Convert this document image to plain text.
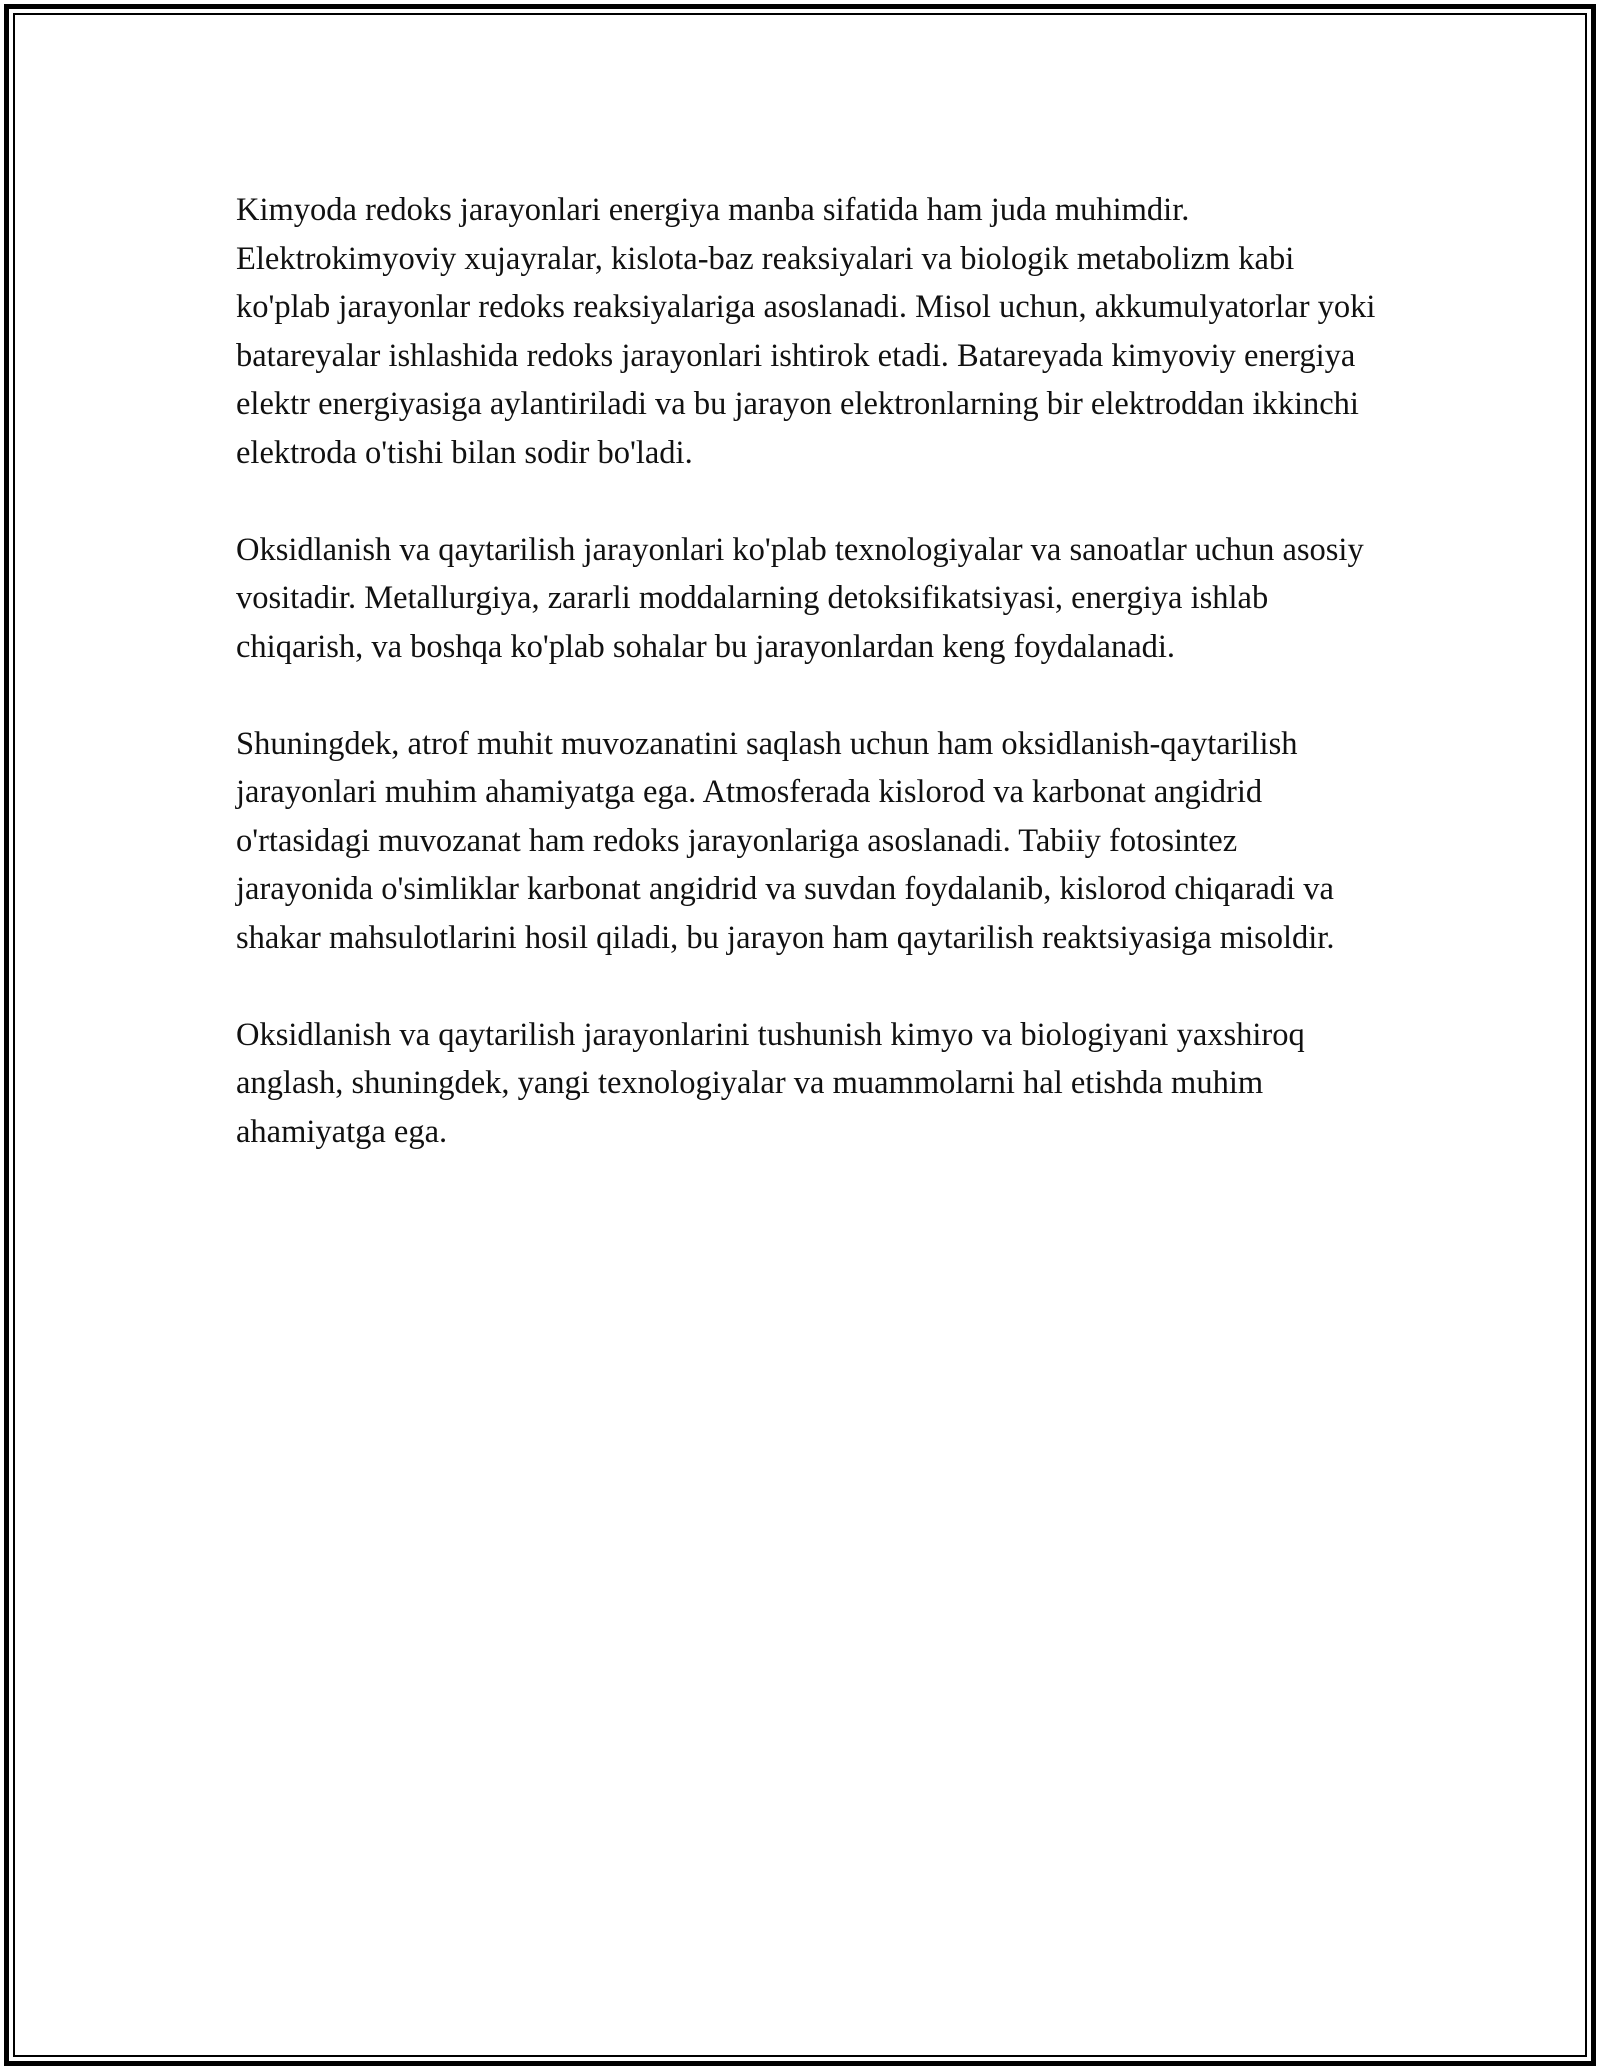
Kimyoda redoks jarayonlari energiya manba sifatida ham juda muhimdir. Elektrokimyoviy xujayralar, kislota-baz reaksiyalari va biologik metabolizm kabi ko'plab jarayonlar redoks reaksiyalariga asoslanadi. Misol uchun, akkumulyatorlar yoki batareyalar ishlashida redoks jarayonlari ishtirok etadi. Batareyada kimyoviy energiya elektr energiyasiga aylantiriladi va bu jarayon elektronlarning bir elektroddan ikkinchi elektroda o'tishi bilan sodir bo'ladi.

Oksidlanish va qaytarilish jarayonlari ko'plab texnologiyalar va sanoatlar uchun asosiy vositadir. Metallurgiya, zararli moddalarning detoksifikatsiyasi, energiya ishlab chiqarish, va boshqa ko'plab sohalar bu jarayonlardan keng foydalanadi.

Shuningdek, atrof muhit muvozanatini saqlash uchun ham oksidlanish-qaytarilish jarayonlari muhim ahamiyatga ega. Atmosferada kislorod va karbonat angidrid o'rtasidagi muvozanat ham redoks jarayonlariga asoslanadi. Tabiiy fotosintez jarayonida o'simliklar karbonat angidrid va suvdan foydalanib, kislorod chiqaradi va shakar mahsulotlarini hosil qiladi, bu jarayon ham qaytarilish reaktsiyasiga misoldir.

Oksidlanish va qaytarilish jarayonlarini tushunish kimyo va biologiyani yaxshiroq anglash, shuningdek, yangi texnologiyalar va muammolarni hal etishda muhim ahamiyatga ega.
